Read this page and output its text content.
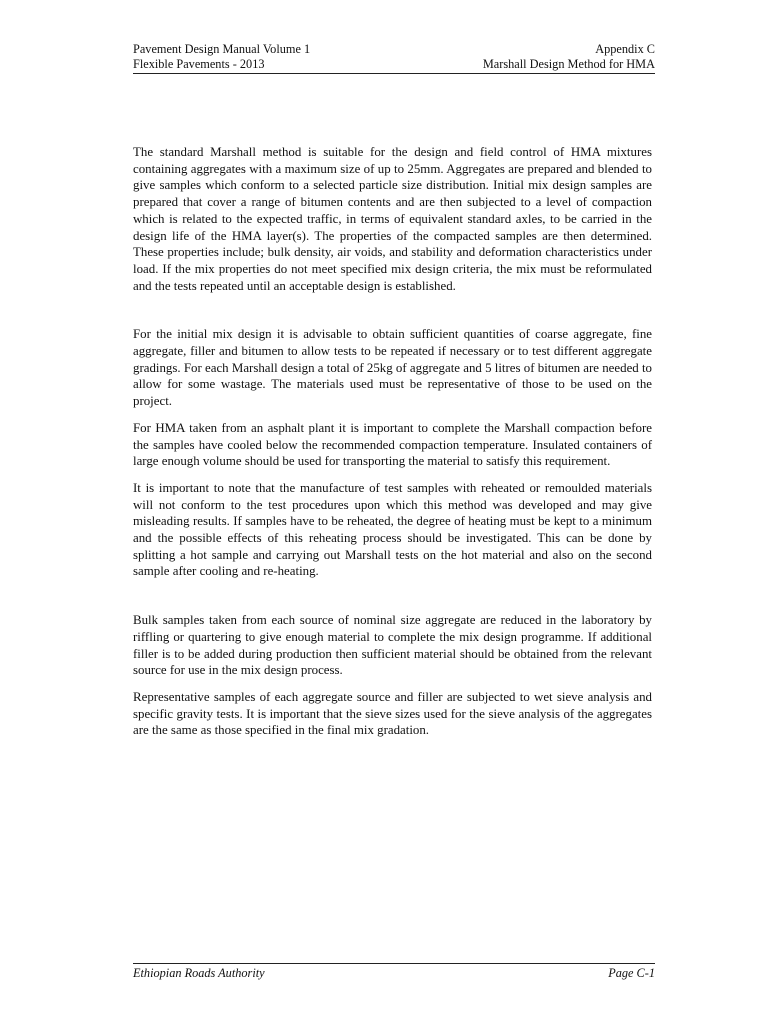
Pavement Design Manual Volume 1	Appendix C
Flexible Pavements - 2013	Marshall Design Method for HMA

The standard Marshall method is suitable for the design and field control of HMA mixtures containing aggregates with a maximum size of up to 25mm. Aggregates are prepared and blended to give samples which conform to a selected particle size distribution. Initial mix design samples are prepared that cover a range of bitumen contents and are then subjected to a level of compaction which is related to the expected traffic, in terms of equivalent standard axles, to be carried in the design life of the HMA layer(s). The properties of the compacted samples are then determined. These properties include; bulk density, air voids, and stability and deformation characteristics under load. If the mix properties do not meet specified mix design criteria, the mix must be reformulated and the tests repeated until an acceptable design is established.

For the initial mix design it is advisable to obtain sufficient quantities of coarse aggregate, fine aggregate, filler and bitumen to allow tests to be repeated if necessary or to test different aggregate gradings. For each Marshall design a total of 25kg of aggregate and 5 litres of bitumen are needed to allow for some wastage. The materials used must be representative of those to be used on the project.

For HMA taken from an asphalt plant it is important to complete the Marshall compaction before the samples have cooled below the recommended compaction temperature. Insulated containers of large enough volume should be used for transporting the material to satisfy this requirement.

It is important to note that the manufacture of test samples with reheated or remoulded materials will not conform to the test procedures upon which this method was developed and may give misleading results. If samples have to be reheated, the degree of heating must be kept to a minimum and the possible effects of this reheating process should be investigated. This can be done by splitting a hot sample and carrying out Marshall tests on the hot material and also on the second sample after cooling and re-heating.

Bulk samples taken from each source of nominal size aggregate are reduced in the laboratory by riffling or quartering to give enough material to complete the mix design programme. If additional filler is to be added during production then sufficient material should be obtained from the relevant source for use in the mix design process.

Representative samples of each aggregate source and filler are subjected to wet sieve analysis and specific gravity tests. It is important that the sieve sizes used for the sieve analysis of the aggregates are the same as those specified in the final mix gradation.

Ethiopian Roads Authority	Page C-1
